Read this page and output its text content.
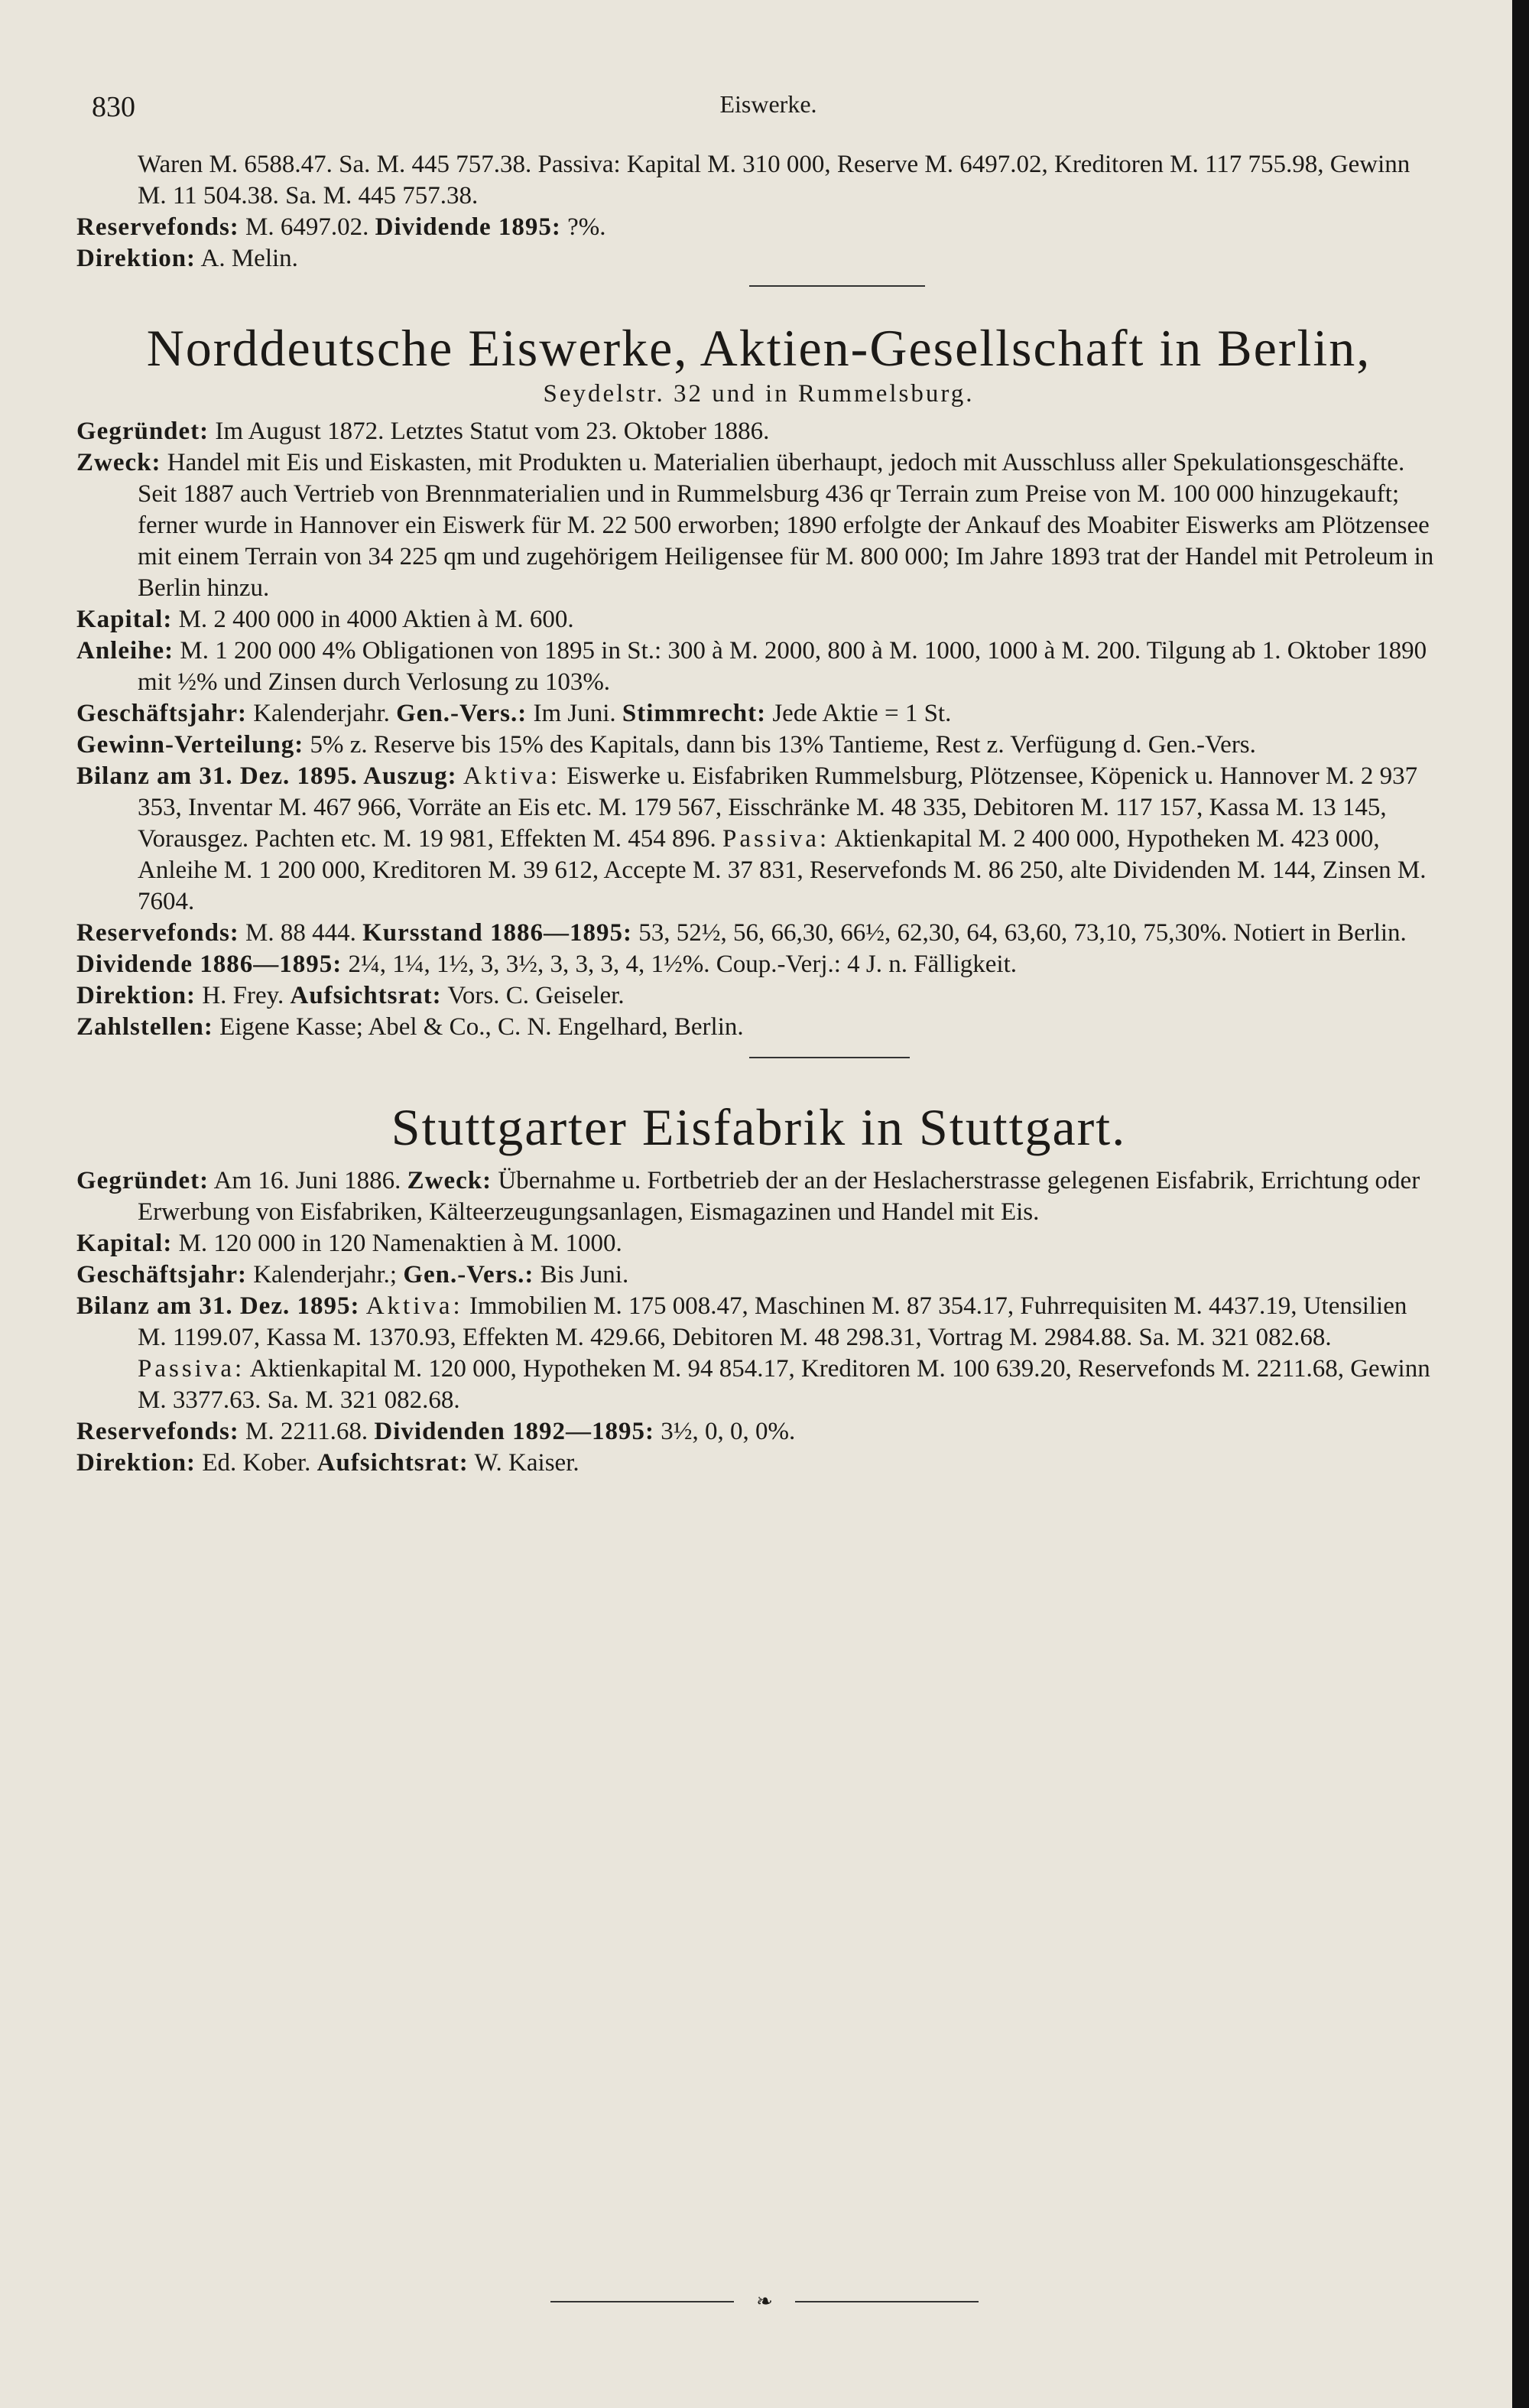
830	Eiswerke.

Waren M. 6588.47. Sa. M. 445 757.38. Passiva: Kapital M. 310 000, Reserve M. 6497.02, Kreditoren M. 117 755.98, Gewinn M. 11 504.38. Sa. M. 445 757.38.

Reservefonds: M. 6497.02. Dividende 1895: ?%.

Direktion: A. Melin.

Norddeutsche Eiswerke, Aktien-Gesellschaft in Berlin,
Seydelstr. 32 und in Rummelsburg.

Gegründet: Im August 1872. Letztes Statut vom 23. Oktober 1886.

Zweck: Handel mit Eis und Eiskasten, mit Produkten u. Materialien überhaupt, jedoch mit Ausschluss aller Spekulationsgeschäfte. Seit 1887 auch Vertrieb von Brennmaterialien und in Rummelsburg 436 qr Terrain zum Preise von M. 100 000 hinzugekauft; ferner wurde in Hannover ein Eiswerk für M. 22 500 erworben; 1890 erfolgte der Ankauf des Moabiter Eiswerks am Plötzensee mit einem Terrain von 34 225 qm und zugehörigem Heiligensee für M. 800 000; Im Jahre 1893 trat der Handel mit Petroleum in Berlin hinzu.

Kapital: M. 2 400 000 in 4000 Aktien à M. 600.

Anleihe: M. 1 200 000 4% Obligationen von 1895 in St.: 300 à M. 2000, 800 à M. 1000, 1000 à M. 200. Tilgung ab 1. Oktober 1890 mit ½% und Zinsen durch Verlosung zu 103%.

Geschäftsjahr: Kalenderjahr. Gen.-Vers.: Im Juni. Stimmrecht: Jede Aktie = 1 St.

Gewinn-Verteilung: 5% z. Reserve bis 15% des Kapitals, dann bis 13% Tantieme, Rest z. Verfügung d. Gen.-Vers.

Bilanz am 31. Dez. 1895. Auszug: Aktiva: Eiswerke u. Eisfabriken Rummelsburg, Plötzensee, Köpenick u. Hannover M. 2 937 353, Inventar M. 467 966, Vorräte an Eis etc. M. 179 567, Eisschränke M. 48 335, Debitoren M. 117 157, Kassa M. 13 145, Vorausgez. Pachten etc. M. 19 981, Effekten M. 454 896. Passiva: Aktienkapital M. 2 400 000, Hypotheken M. 423 000, Anleihe M. 1 200 000, Kreditoren M. 39 612, Accepte M. 37 831, Reservefonds M. 86 250, alte Dividenden M. 144, Zinsen M. 7604.

Reservefonds: M. 88 444. Kursstand 1886—1895: 53, 52½, 56, 66,30, 66½, 62,30, 64, 63,60, 73,10, 75,30%. Notiert in Berlin.

Dividende 1886—1895: 2¼, 1¼, 1½, 3, 3½, 3, 3, 3, 4, 1½%. Coup.-Verj.: 4 J. n. Fälligkeit.

Direktion: H. Frey. Aufsichtsrat: Vors. C. Geiseler.

Zahlstellen: Eigene Kasse; Abel & Co., C. N. Engelhard, Berlin.

Stuttgarter Eisfabrik in Stuttgart.

Gegründet: Am 16. Juni 1886. Zweck: Übernahme u. Fortbetrieb der an der Heslacherstrasse gelegenen Eisfabrik, Errichtung oder Erwerbung von Eisfabriken, Kälteerzeugungsanlagen, Eismagazinen und Handel mit Eis.

Kapital: M. 120 000 in 120 Namenaktien à M. 1000.

Geschäftsjahr: Kalenderjahr.; Gen.-Vers.: Bis Juni.

Bilanz am 31. Dez. 1895: Aktiva: Immobilien M. 175 008.47, Maschinen M. 87 354.17, Fuhrrequisiten M. 4437.19, Utensilien M. 1199.07, Kassa M. 1370.93, Effekten M. 429.66, Debitoren M. 48 298.31, Vortrag M. 2984.88. Sa. M. 321 082.68. Passiva: Aktienkapital M. 120 000, Hypotheken M. 94 854.17, Kreditoren M. 100 639.20, Reservefonds M. 2211.68, Gewinn M. 3377.63. Sa. M. 321 082.68.

Reservefonds: M. 2211.68. Dividenden 1892—1895: 3½, 0, 0, 0%.

Direktion: Ed. Kober. Aufsichtsrat: W. Kaiser.

❧
